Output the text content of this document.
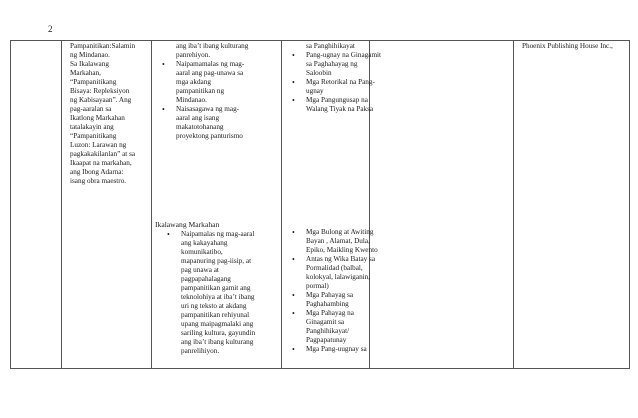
2
Pampanitikan:Salamin
ng Mindanao.
Sa Ikalawang
Markahan,
“Pampanitikang
Bisaya: Repleksiyon
ng Kabisayaan”. Ang
pag-aaralan sa
Ikatlong Markahan
tatalakayin ang
“Pampanitikang
Luzon: Larawan ng
pagkakakilanlan” at sa
Ikaapat na markahan,
ang Ibong Adarna:
isang obra maestro.
ang iba’t ibang kulturang
panrehiyon.
• Naipamamalas ng mag-
aaral ang pag-unawa sa
mga akdang
pampanitikan ng
Mindanao.
• Naisasagawa ng mag-
aaral ang isang
makatotohanang
proyektong panturismo
Ikalawang Markahan
• Naipamalas ng mag-aaral
ang kakayahang
komunikatibo,
mapanuring pag-iisip, at
pag unawa at
pagpapahalagang
pampanitikan gamit ang
teknolohiya at iba’t ibang
uri ng teksto at akdang
pampanitikan rehiyunal
upang maipagmalaki ang
sariling kultura, gayundin
ang iba’t ibang kulturang
panrelihiyon.
sa Panghihikayat
• Pang-ugnay na Ginagamit
sa Paghahayag ng
Saloobin
• Mga Retorikal na Pang-
ugnay
• Mga Pangungusap na
Walang Tiyak na Paksa
• Mga Bulong at Awiting
Bayan , Alamat, Dula,
Epiko, Maikling Kwento
• Antas ng Wika Batay sa
Pormalidad (balbal,
kolokyal, lalawiganin,
pormal)
• Mga Pahayag sa
Paghahambing
• Mga Pahayag na
Ginagamit sa
Panghihikayat/
Pagpapatunay
• Mga Pang-uugnay sa
Phoenix Publishing House Inc.,
